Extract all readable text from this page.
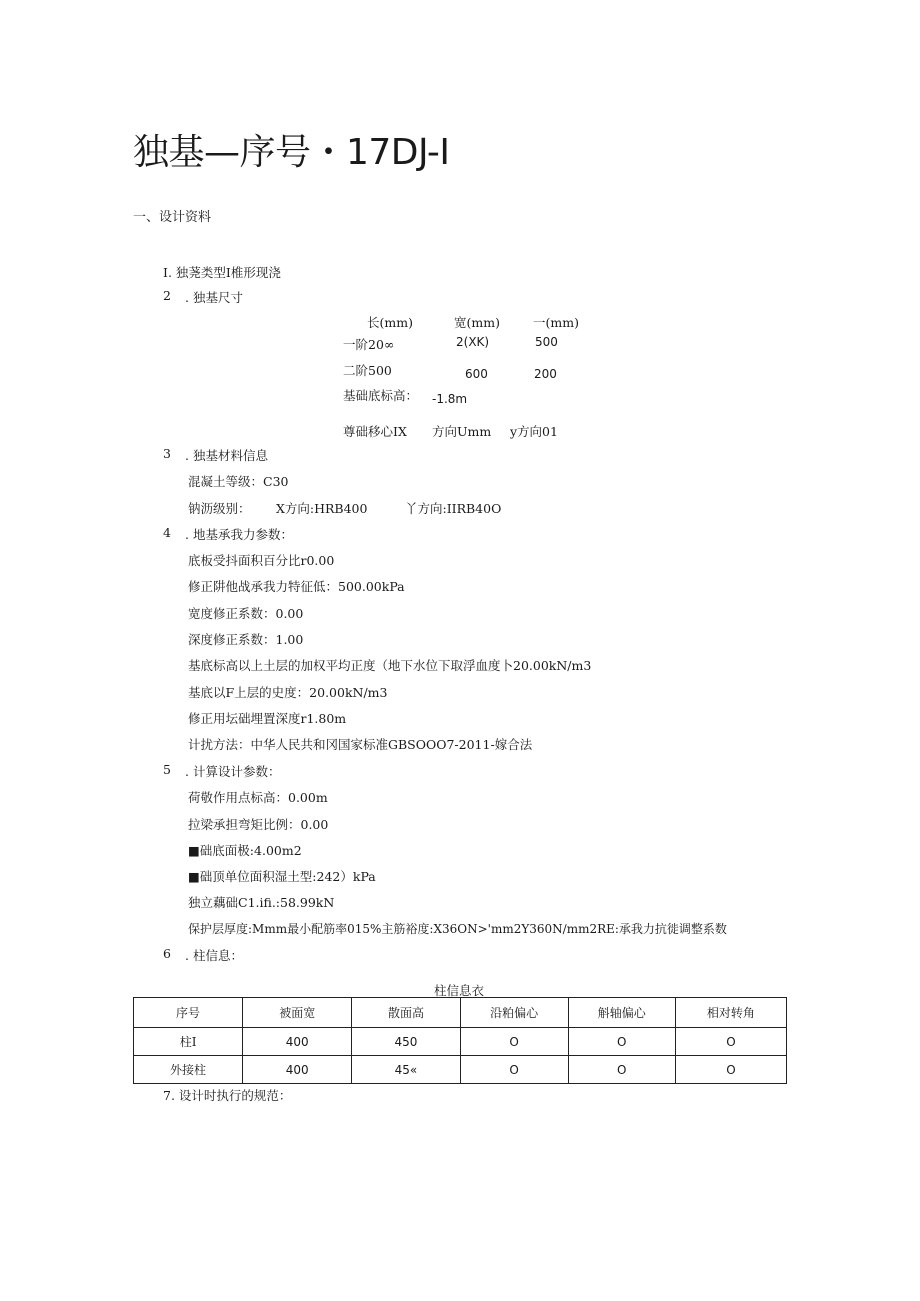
独基—序号・17DJ-I
一、设计资料
I. 独荛类型I椎形现浇
2 . 独基尺寸
长(mm)	宽(mm)	一(mm)
一阶20∞	2(XK)	500
二阶500	600	200
基础底标高： -1.8m
尊础移心IX 方向Umm y方向01
3 . 独基材料信息
混凝土等级：C30
钠沥级别： X方向:HRB400	丫方向:IIRB40O
4 . 地基承我力参数：
底板受抖面积百分比r0.00
修正阱他战承我力特征低：500.00kPa
宽度修正系数：0.00
深度修正系数：1.00
基底标高以上土层的加权平均正度（地下水位下取浮血度卜20.00kN∕m3
基底以F上层的史度：20.00kN∕m3
修正用坛础埋置深度r1.80m
计扰方法：中华人民共和冈国家标准GBSOOO7-2011-嫁合法
5 . 计算设计参数：
荷敬作用点标高：0.00m
拉梁承担弯矩比例：0.00
■础底面极:4.00m2
■础顶单位面积湿土型:242）kPa
独立藕础C1.ifi.:58.99kN
保护层厚度:Mmm最小配筋率015%主筋裕度:X36ON>'mm2Y360N∕mm2RE:承我力抗徙调整系数
6 . 柱信息：
柱信息衣
序号	被面宽	散面高	沿粕偏心	斛轴偏心	相对转角
柱I	400	450	O	O	O
外接柱	400	45«	O	O	O
7. 设计时执行的规范：
